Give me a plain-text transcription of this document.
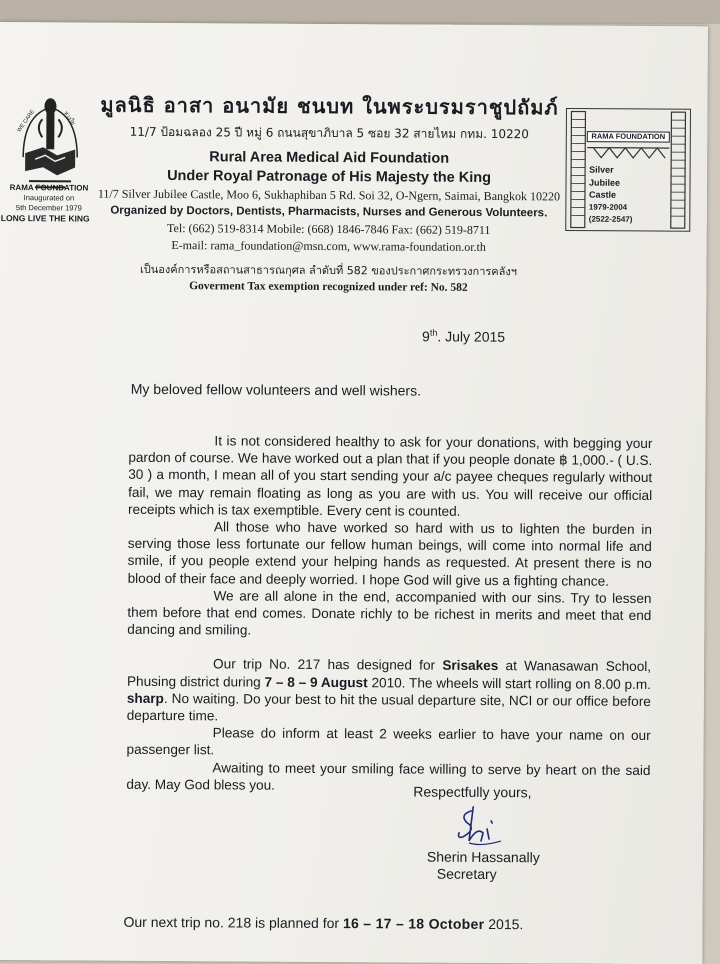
WE CARE	ห่วงใย
RAMA FOUNDATION
Inaugurated on
5th December 1979
LONG LIVE THE KING
มูลนิธิ อาสา อนามัย ชนบท ในพระบรมราชูปถัมภ์
11/7 ป้อมฉลอง 25 ปี หมู่ 6 ถนนสุขาภิบาล 5 ซอย 32 สายไหม กทม. 10220
Rural Area Medical Aid Foundation
Under Royal Patronage of His Majesty the King
11/7 Silver Jubilee Castle, Moo 6, Sukhaphiban 5 Rd. Soi 32, O-Ngern, Saimai, Bangkok 10220
Organized by Doctors, Dentists, Pharmacists, Nurses and Generous Volunteers.
Tel: (662) 519-8314 Mobile: (668) 1846-7846 Fax: (662) 519-8711
E-mail: rama_foundation@msn.com, www.rama-foundation.or.th
เป็นองค์การหรือสถานสาธารณกุศล ลำดับที่ 582 ของประกาศกระทรวงการคลังฯ
Goverment Tax exemption recognized under ref: No. 582
RAMA FOUNDATION
Silver
Jubilee
Castle
1979-2004
(2522-2547)
9th. July 2015
My beloved fellow volunteers and well wishers.

It is not considered healthy to ask for your donations, with begging your pardon of course. We have worked out a plan that if you people donate ฿ 1,000.- ( U.S. 30 ) a month, I mean all of you start sending your a/c payee cheques regularly without fail, we may remain floating as long as you are with us. You will receive our official receipts which is tax exemptible. Every cent is counted.

All those who have worked so hard with us to lighten the burden in serving those less fortunate our fellow human beings, will come into normal life and smile, if you people extend your helping hands as requested. At present there is no blood of their face and deeply worried. I hope God will give us a fighting chance.

We are all alone in the end, accompanied with our sins. Try to lessen them before that end comes. Donate richly to be richest in merits and meet that end dancing and smiling.

Our trip No. 217 has designed for Srisakes at Wanasawan School, Phusing district during 7 – 8 – 9 August 2010. The wheels will start rolling on 8.00 p.m. sharp. No waiting. Do your best to hit the usual departure site, NCI or our office before departure time.

Please do inform at least 2 weeks earlier to have your name on our passenger list.

Awaiting to meet your smiling face willing to serve by heart on the said day. May God bless you.	Respectfully yours,
Sherin Hassanally
Secretary
Our next trip no. 218 is planned for 16 – 17 – 18 October 2015.
